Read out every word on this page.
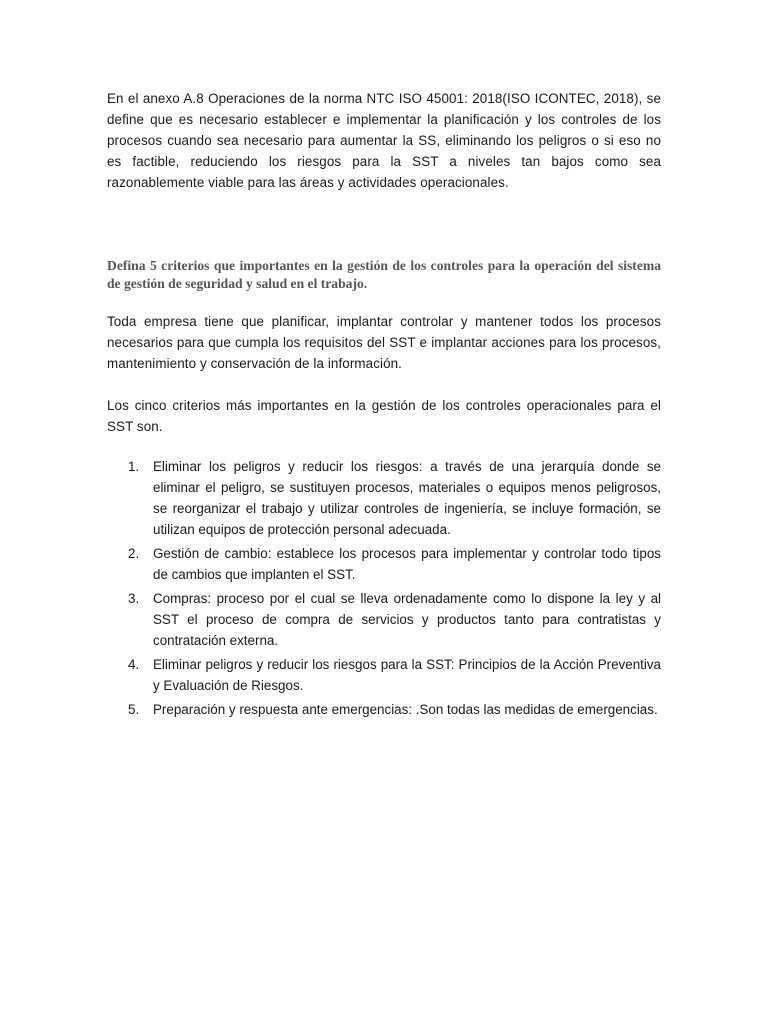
En el anexo A.8 Operaciones de la norma NTC ISO 45001: 2018(ISO ICONTEC, 2018), se define que es necesario establecer e implementar la planificación y los controles de los procesos cuando sea necesario para aumentar la SS, eliminando los peligros o si eso no es factible, reduciendo los riesgos para la SST a niveles tan bajos como sea razonablemente viable para las áreas y actividades operacionales.

Defina 5 criterios que importantes en la gestión de los controles para la operación del sistema de gestión de seguridad y salud en el trabajo.

Toda empresa tiene que planificar, implantar controlar y mantener todos los procesos necesarios para que cumpla los requisitos del SST e implantar acciones para los procesos, mantenimiento y conservación de la información.

Los cinco criterios más importantes en la gestión de los controles operacionales para el SST son.

1. Eliminar los peligros y reducir los riesgos: a través de una jerarquía donde se eliminar el peligro, se sustituyen procesos, materiales o equipos menos peligrosos, se reorganizar el trabajo y utilizar controles de ingeniería, se incluye formación, se utilizan equipos de protección personal adecuada.
2. Gestión de cambio: establece los procesos para implementar y controlar todo tipos de cambios que implanten el SST.
3. Compras: proceso por el cual se lleva ordenadamente como lo dispone la ley y al SST el proceso de compra de servicios y productos tanto para contratistas y contratación externa.
4. Eliminar peligros y reducir los riesgos para la SST: Principios de la Acción Preventiva y Evaluación de Riesgos.
5. Preparación y respuesta ante emergencias: .Son todas las medidas de emergencias.
